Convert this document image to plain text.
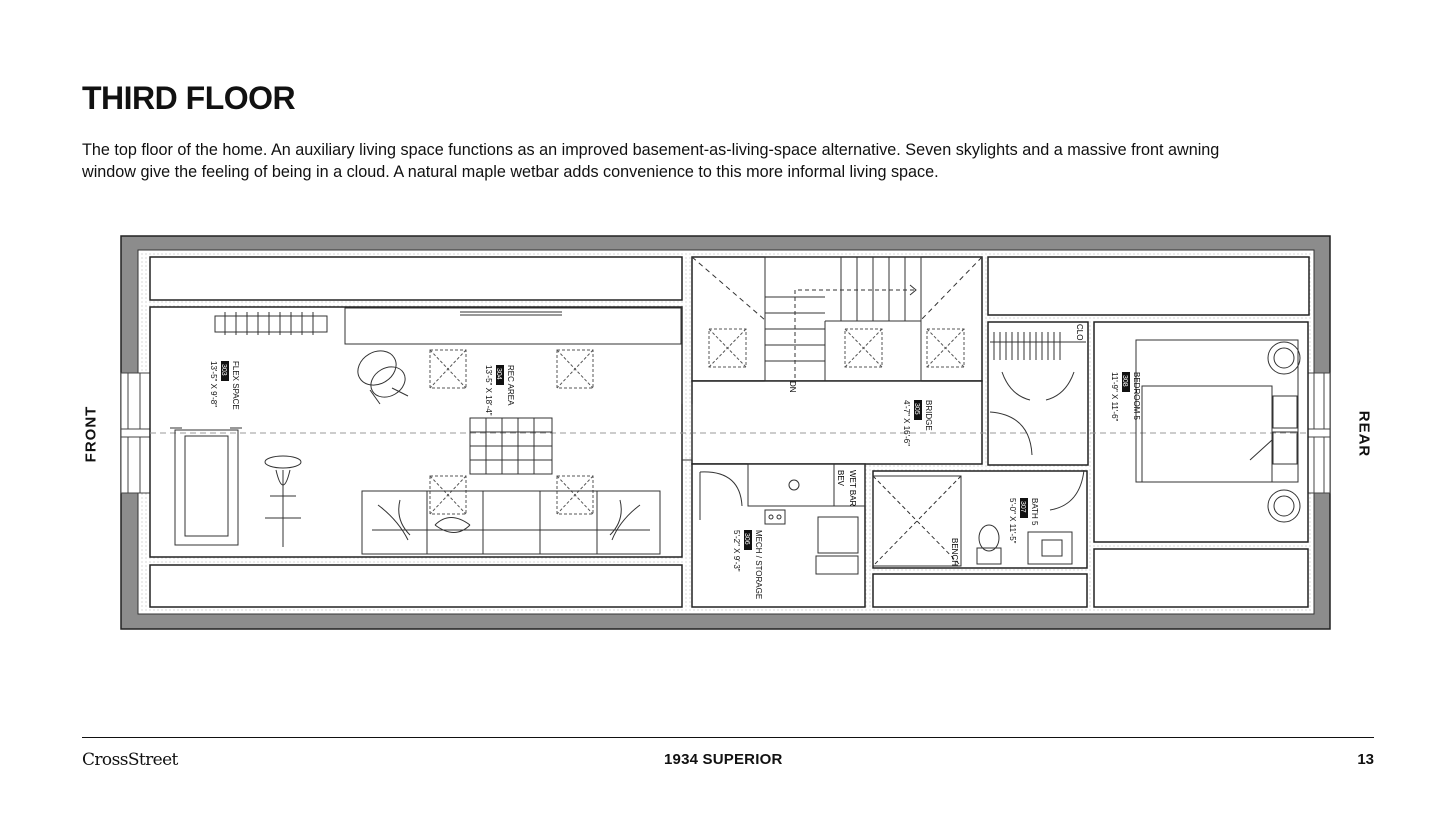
THIRD FLOOR

The top floor of the home. An auxiliary living space functions as an improved basement-as-living-space alternative. Seven skylights and a massive front awning window give the feeling of being in a cloud. A natural maple wetbar adds convenience to this more informal living space.

DN
WET BAR
BEV
BENCH
CLO
FLEX SPACE
303
13'-5" X 9'-8"	REC AREA
304
13'-5" X 18'-4"	BRIDGE
305
4'-7" X 16'-6"
MECH / STORAGE
306
5'-2" X 9'-3"
BATH 5
307
5'-0" X 11'-5"
BEDROOM 5
308
11'-9" X 11'-6"
FRONT	REAR
CrossStreet	1934 SUPERIOR	13
